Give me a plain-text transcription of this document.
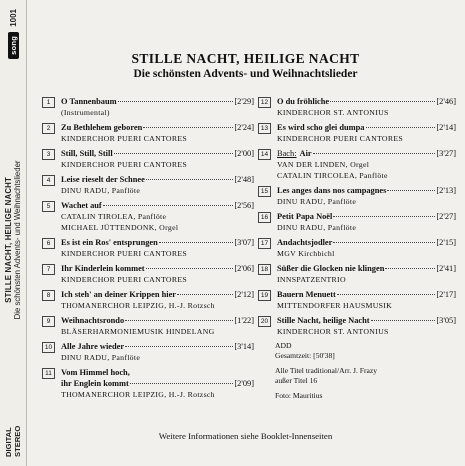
DIGITAL STEREO
STILLE NACHT, HEILIGE NACHT Die schönsten Advents- und Weihnachtslieder
song
1001
STILLE NACHT, HEILIGE NACHT
Die schönsten Advents- und Weihnachtslieder
1	O Tannenbaum	[2'29]
(Instrumental)
2	Zu Bethlehem geboren	[2'24]
KINDERCHOR PUERI CANTORES
3	Still, Still, Still	[2'00]
KINDERCHOR PUERI CANTORES
4	Leise rieselt der Schnee	[2'48]
DINU RADU, Panflöte
5	Wachet auf	[2'56]
CATALIN TIROLEA, Panflöte
MICHAEL JÜTTENDONK, Orgel
6	Es ist ein Ros' entsprungen	[3'07]
KINDERCHOR PUERI CANTORES
7	Ihr Kinderlein kommet	[2'06]
KINDERCHOR PUERI CANTORES
8	Ich steh' an deiner Krippen hier	[2'12]
THOMANERCHOR LEIPZIG, H.-J. Rotzsch
9	Weihnachtsrondo	[1'22]
BLÄSERHARMONIEMUSIK HINDELANG
10	Alle Jahre wieder	[3'14]
DINU RADU, Panflöte
11	Vom Himmel hoch,
ihr Englein kommt	[2'09]
THOMANERCHOR LEIPZIG, H.-J. Rotzsch
12	O du fröhliche	[2'46]
KINDERCHOR ST. ANTONIUS
13	Es wird scho glei dumpa	[2'14]
KINDERCHOR PUERI CANTORES
14	Bach: Air	[3'27]
VAN DER LINDEN, Orgel
CATALIN TIRCOLEA, Panflöte
15	Les anges dans nos campagnes	[2'13]
DINU RADU, Panflöte
16	Petit Papa Noël	[2'27]
DINU RADU, Panflöte
17	Andachtsjodler	[2'15]
MGV Kirchbichl
18	Süßer die Glocken nie klingen	[2'41]
INNSPATZENTRIO
19	Bauern Menuett	[2'17]
MITTENDORFER HAUSMUSIK
20	Stille Nacht, heilige Nacht	[3'05]
KINDERCHOR ST. ANTONIUS
ADD
Gesamtzeit: [50'38]
Alle Titel traditional/Arr. J. Frazy
außer Titel 16
Foto: Mauritius
Weitere Informationen siehe Booklet-Innenseiten
